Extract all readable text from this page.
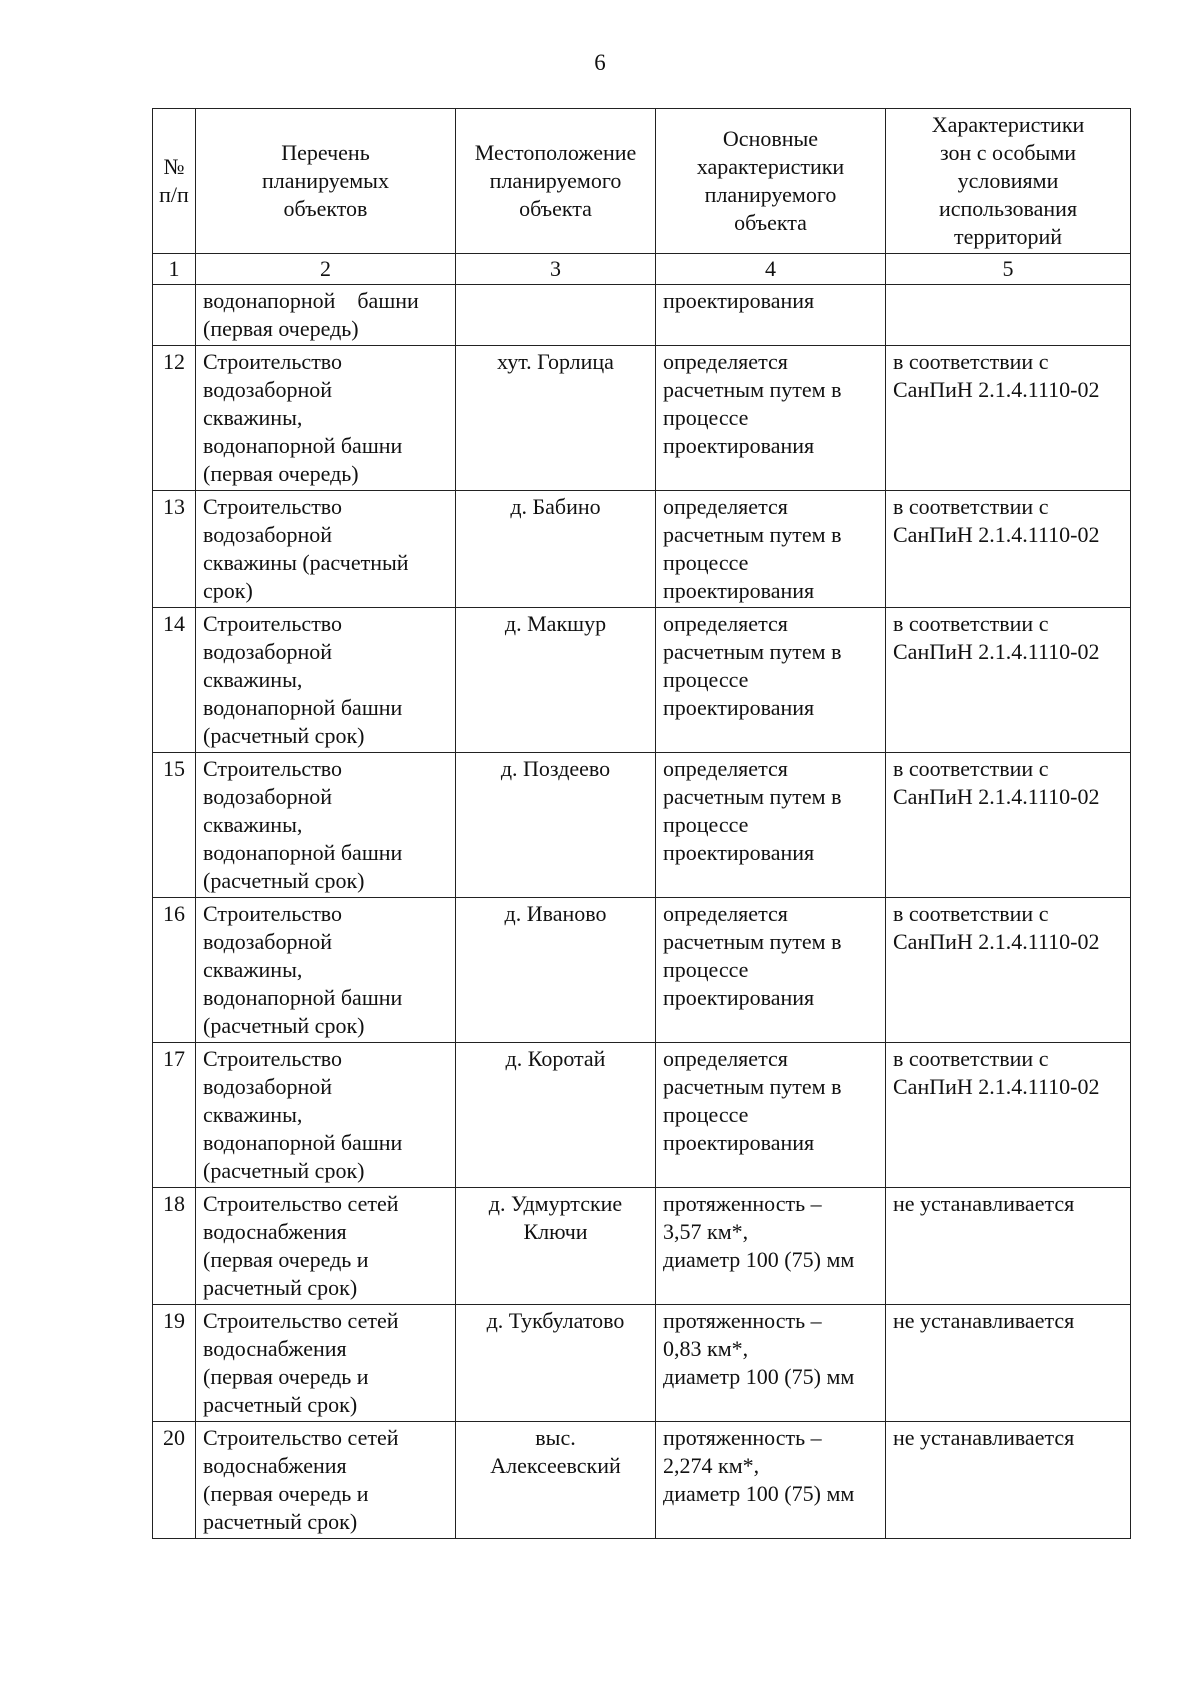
6
№
п/п	Перечень
планируемых
объектов	Местоположение
планируемого
объекта	Основные
характеристики
планируемого
объекта	Характеристики
зон с особыми
условиями
использования
территорий
1	2	3	4	5
	водонапорной    башни
(первая очередь)		проектирования	
12	Строительство
водозаборной
скважины,
водонапорной башни
(первая очередь)	хут. Горлица	определяется
расчетным путем в
процессе
проектирования	в соответствии с
СанПиН 2.1.4.1110-02
13	Строительство
водозаборной
скважины (расчетный
срок)	д. Бабино	определяется
расчетным путем в
процессе
проектирования	в соответствии с
СанПиН 2.1.4.1110-02
14	Строительство
водозаборной
скважины,
водонапорной башни
(расчетный срок)	д. Макшур	определяется
расчетным путем в
процессе
проектирования	в соответствии с
СанПиН 2.1.4.1110-02
15	Строительство
водозаборной
скважины,
водонапорной башни
(расчетный срок)	д. Поздеево	определяется
расчетным путем в
процессе
проектирования	в соответствии с
СанПиН 2.1.4.1110-02
16	Строительство
водозаборной
скважины,
водонапорной башни
(расчетный срок)	д. Иваново	определяется
расчетным путем в
процессе
проектирования	в соответствии с
СанПиН 2.1.4.1110-02
17	Строительство
водозаборной
скважины,
водонапорной башни
(расчетный срок)	д. Коротай	определяется
расчетным путем в
процессе
проектирования	в соответствии с
СанПиН 2.1.4.1110-02
18	Строительство сетей
водоснабжения
(первая очередь и
расчетный срок)	д. Удмуртские
Ключи	протяженность –
3,57 км*,
диаметр 100 (75) мм	не устанавливается
19	Строительство сетей
водоснабжения
(первая очередь и
расчетный срок)	д. Тукбулатово	протяженность –
0,83 км*,
диаметр 100 (75) мм	не устанавливается
20	Строительство сетей
водоснабжения
(первая очередь и
расчетный срок)	выс.
Алексеевский	протяженность –
2,274 км*,
диаметр 100 (75) мм	не устанавливается
